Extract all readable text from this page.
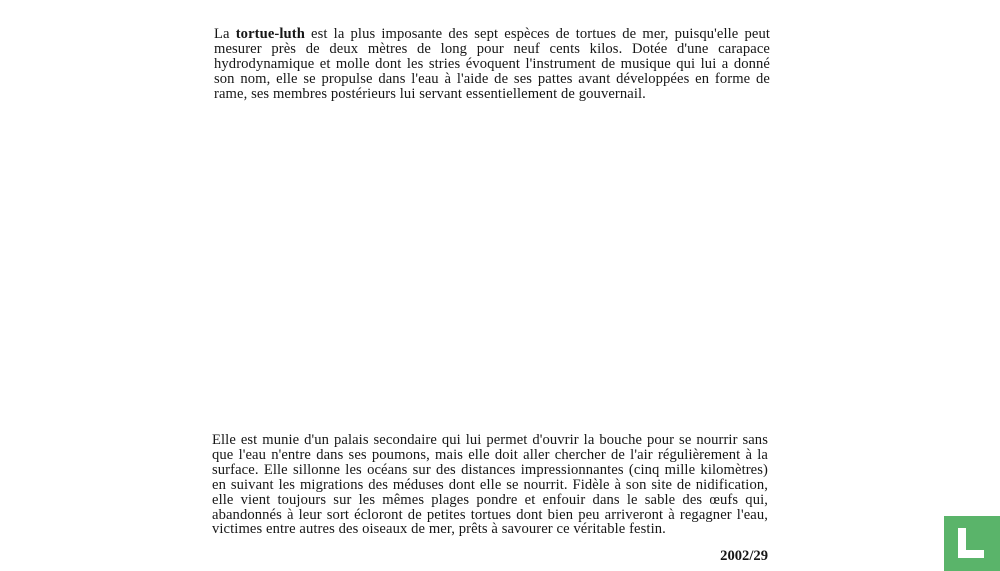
La tortue-luth est la plus imposante des sept espèces de tortues de mer, puisqu'elle peut mesurer près de deux mètres de long pour neuf cents kilos. Dotée d'une carapace hydrodynamique et molle dont les stries évoquent l'instrument de musique qui lui a donné son nom, elle se propulse dans l'eau à l'aide de ses pattes avant développées en forme de rame, ses membres postérieurs lui servant essentiellement de gouvernail.

Elle est munie d'un palais secondaire qui lui permet d'ouvrir la bouche pour se nourrir sans que l'eau n'entre dans ses poumons, mais elle doit aller chercher de l'air régulièrement à la surface. Elle sillonne les océans sur des distances impressionnantes (cinq mille kilomètres) en suivant les migrations des méduses dont elle se nourrit. Fidèle à son site de nidification, elle vient toujours sur les mêmes plages pondre et enfouir dans le sable des œufs qui, abandonnés à leur sort écloront de petites tortues dont bien peu arriveront à regagner l'eau, victimes entre autres des oiseaux de mer, prêts à savourer ce véritable festin.

2002/29
